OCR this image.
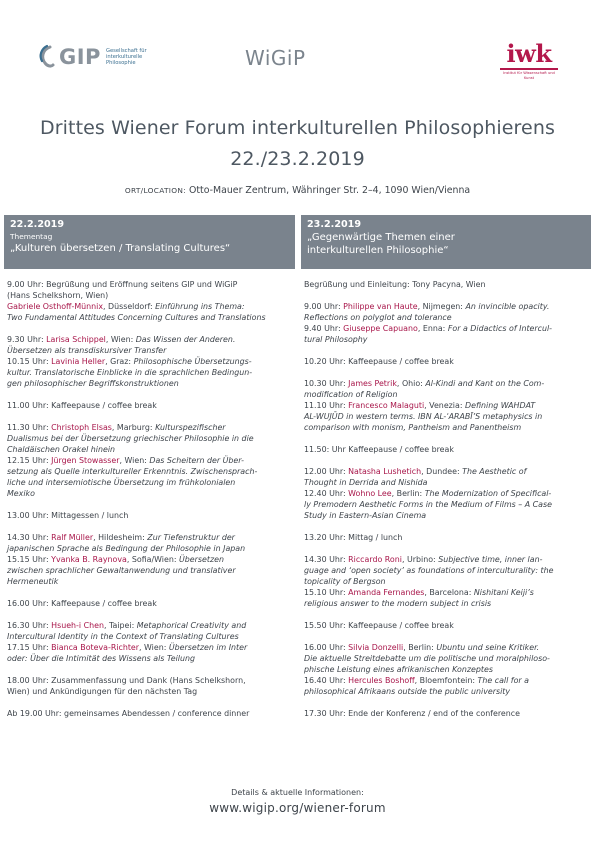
GIP Gesellschaft für interkulturelle Philosophie	WiGiP	iwk
Institut für Wissenschaft und Kunst
Drittes Wiener Forum interkulturellen Philosophierens
22./23.2.2019
ORT/LOCATION: Otto-Mauer Zentrum, Währinger Str. 2–4, 1090 Wien/Vienna
22.2.2019
Thementag
„Kulturen übersetzen / Translating Cultures“
23.2.2019
„Gegenwärtige Themen einer
interkulturellen Philosophie“
9.00 Uhr: Begrüßung und Eröffnung seitens GIP und WiGiP
(Hans Schelkshorn, Wien)
Gabriele Osthoff-Münnix, Düsseldorf: Einführung ins Thema:
Two Fundamental Attitudes Concerning Cultures and Translations
9.30 Uhr: Larisa Schippel, Wien: Das Wissen der Anderen.
Übersetzen als transdiskursiver Transfer
10.15 Uhr: Lavinia Heller, Graz: Philosophische Übersetzungs-
kultur. Translatorische Einblicke in die sprachlichen Bedingun-
gen philosophischer Begriffskonstruktionen
11.00 Uhr: Kaffeepause / coffee break
11.30 Uhr: Christoph Elsas, Marburg: Kulturspezifischer
Dualismus bei der Übersetzung griechischer Philosophie in die
Chaldäischen Orakel hinein
12.15 Uhr: Jürgen Stowasser, Wien: Das Scheitern der Über-
setzung als Quelle interkultureller Erkenntnis. Zwischensprach-
liche und intersemiotische Übersetzung im frühkolonialen
Mexiko
13.00 Uhr: Mittagessen / lunch
14.30 Uhr: Ralf Müller, Hildesheim: Zur Tiefenstruktur der
japanischen Sprache als Bedingung der Philosophie in Japan
15.15 Uhr: Yvanka B. Raynova, Sofia/Wien: Übersetzen
zwischen sprachlicher Gewaltanwendung und translativer
Hermeneutik
16.00 Uhr: Kaffeepause / coffee break
16.30 Uhr: Hsueh-i Chen, Taipei: Metaphorical Creativity and
Intercultural Identity in the Context of Translating Cultures
17.15 Uhr: Bianca Boteva-Richter, Wien: Übersetzen im Inter
oder: Über die Intimität des Wissens als Teilung
18.00 Uhr: Zusammenfassung und Dank (Hans Schelkshorn,
Wien) und Ankündigungen für den nächsten Tag
Ab 19.00 Uhr: gemeinsames Abendessen / conference dinner
Begrüßung und Einleitung: Tony Pacyna, Wien
9.00 Uhr: Philippe van Haute, Nijmegen: An invincible opacity.
Reflections on polyglot and tolerance
9.40 Uhr: Giuseppe Capuano, Enna: For a Didactics of Intercul-
tural Philosophy
10.20 Uhr: Kaffeepause / coffee break
10.30 Uhr: James Petrik, Ohio: Al-Kindi and Kant on the Com-
modification of Religion
11.10 Uhr: Francesco Malaguti, Venezia: Defining WAHDAT
AL-WUJŪD in western terms. IBN AL-ʿARABĪ’S metaphysics in
comparison with monism, Pantheism and Panentheism
11.50: Uhr Kaffeepause / coffee break
12.00 Uhr: Natasha Lushetich, Dundee: The Aesthetic of
Thought in Derrida and Nishida
12.40 Uhr: Wohno Lee, Berlin: The Modernization of Specifical-
ly Premodern Aesthetic Forms in the Medium of Films – A Case
Study in Eastern-Asian Cinema
13.20 Uhr: Mittag / lunch
14.30 Uhr: Riccardo Roni, Urbino: Subjective time, inner lan-
guage and ‘open society’ as foundations of interculturality: the
topicality of Bergson
15.10 Uhr: Amanda Fernandes, Barcelona: Nishitani Keiji’s
religious answer to the modern subject in crisis
15.50 Uhr: Kaffeepause / coffee break
16.00 Uhr: Silvia Donzelli, Berlin: Ubuntu und seine Kritiker.
Die aktuelle Streitdebatte um die politische und moralphiloso-
phische Leistung eines afrikanischen Konzeptes
16.40 Uhr: Hercules Boshoff, Bloemfontein: The call for a
philosophical Afrikaans outside the public university
17.30 Uhr: Ende der Konferenz / end of the conference
Details & aktuelle Informationen:
www.wigip.org/wiener-forum
